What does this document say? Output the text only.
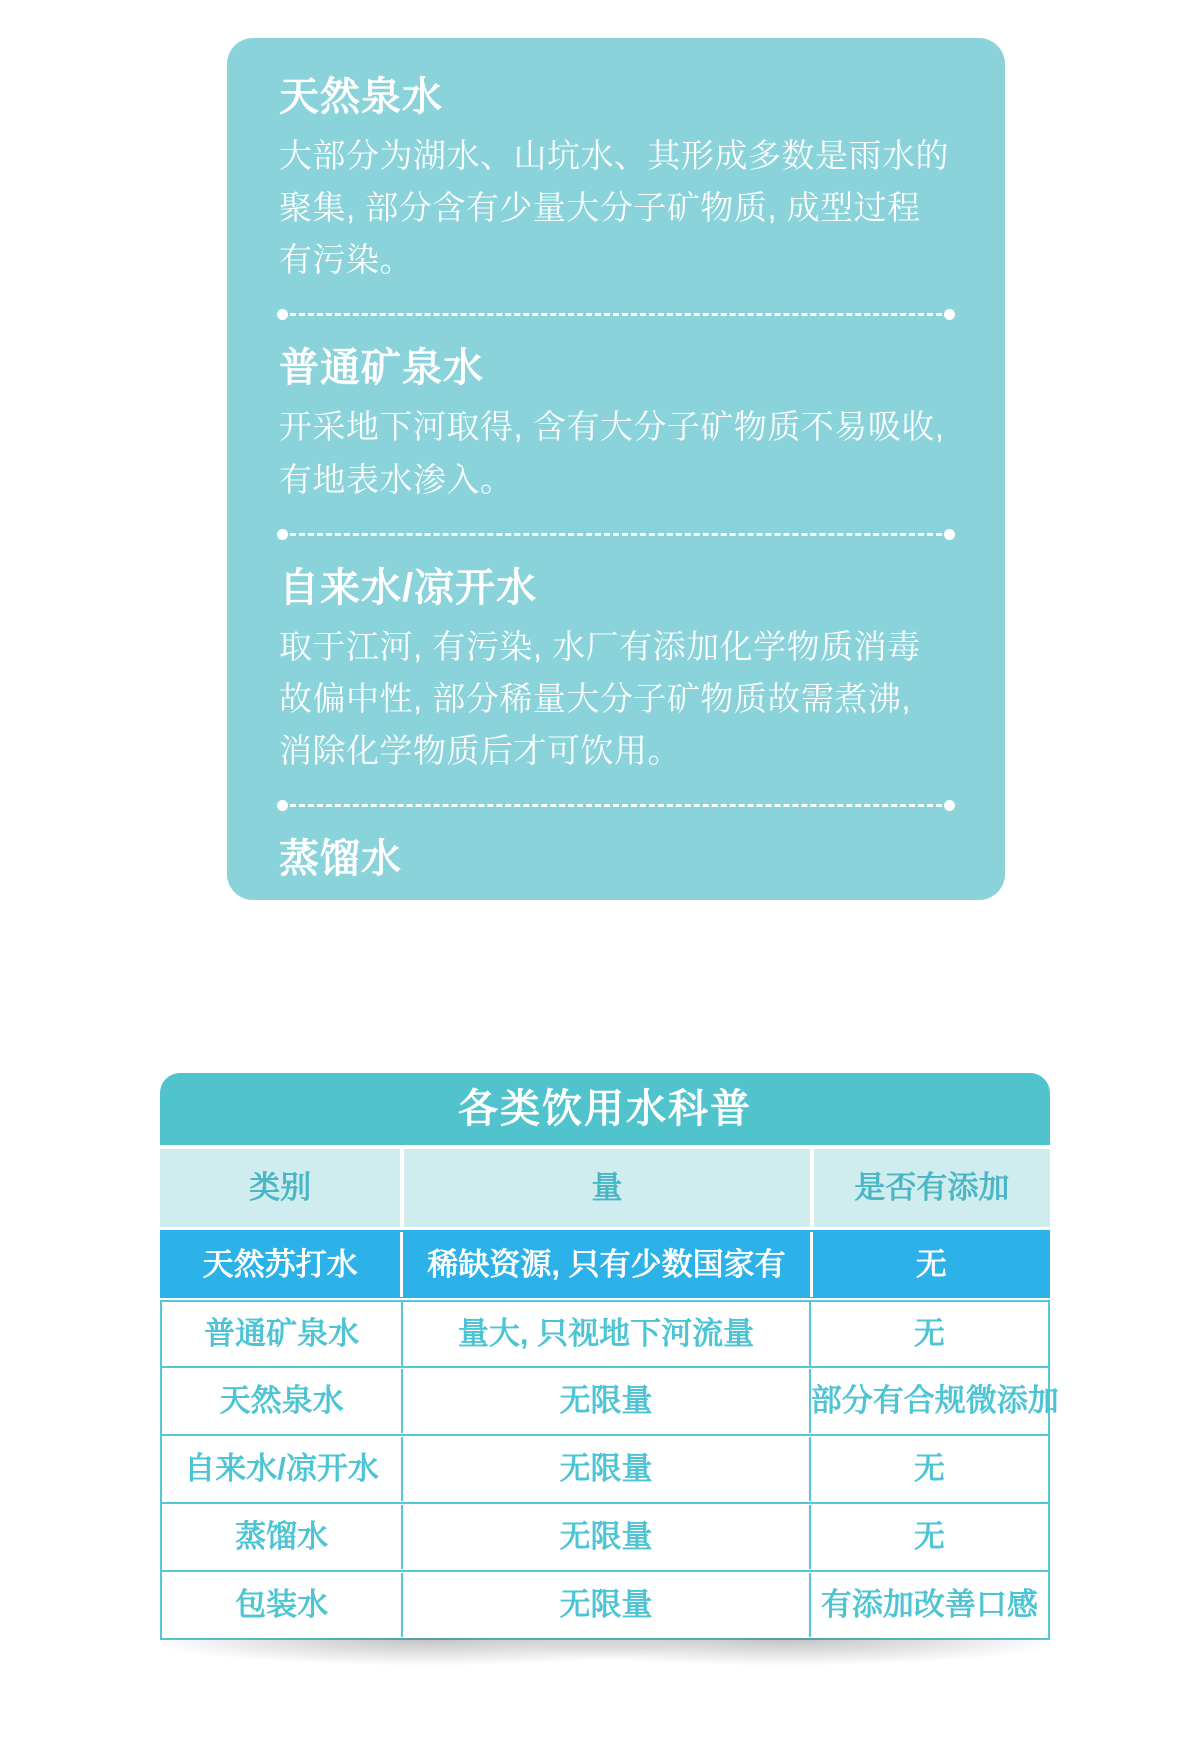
天然泉水
大部分为湖水、山坑水、其形成多数是雨水的聚集, 部分含有少量大分子矿物质, 成型过程有污染。
普通矿泉水
开采地下河取得, 含有大分子矿物质不易吸收, 有地表水渗入。
自来水/凉开水
取于江河, 有污染, 水厂有添加化学物质消毒故偏中性, 部分稀量大分子矿物质故需煮沸, 消除化学物质后才可饮用。
蒸馏水
由水蒸气冷却而来, 比较纯净, 长期饮用会带走体内微量元素。
各类饮用水科普
类别	量	是否有添加
天然苏打水	稀缺资源, 只有少数国家有	无
普通矿泉水	量大, 只视地下河流量	无
天然泉水	无限量	部分有合规微添加
自来水/凉开水	无限量	无
蒸馏水	无限量	无
包装水	无限量	有添加改善口感
